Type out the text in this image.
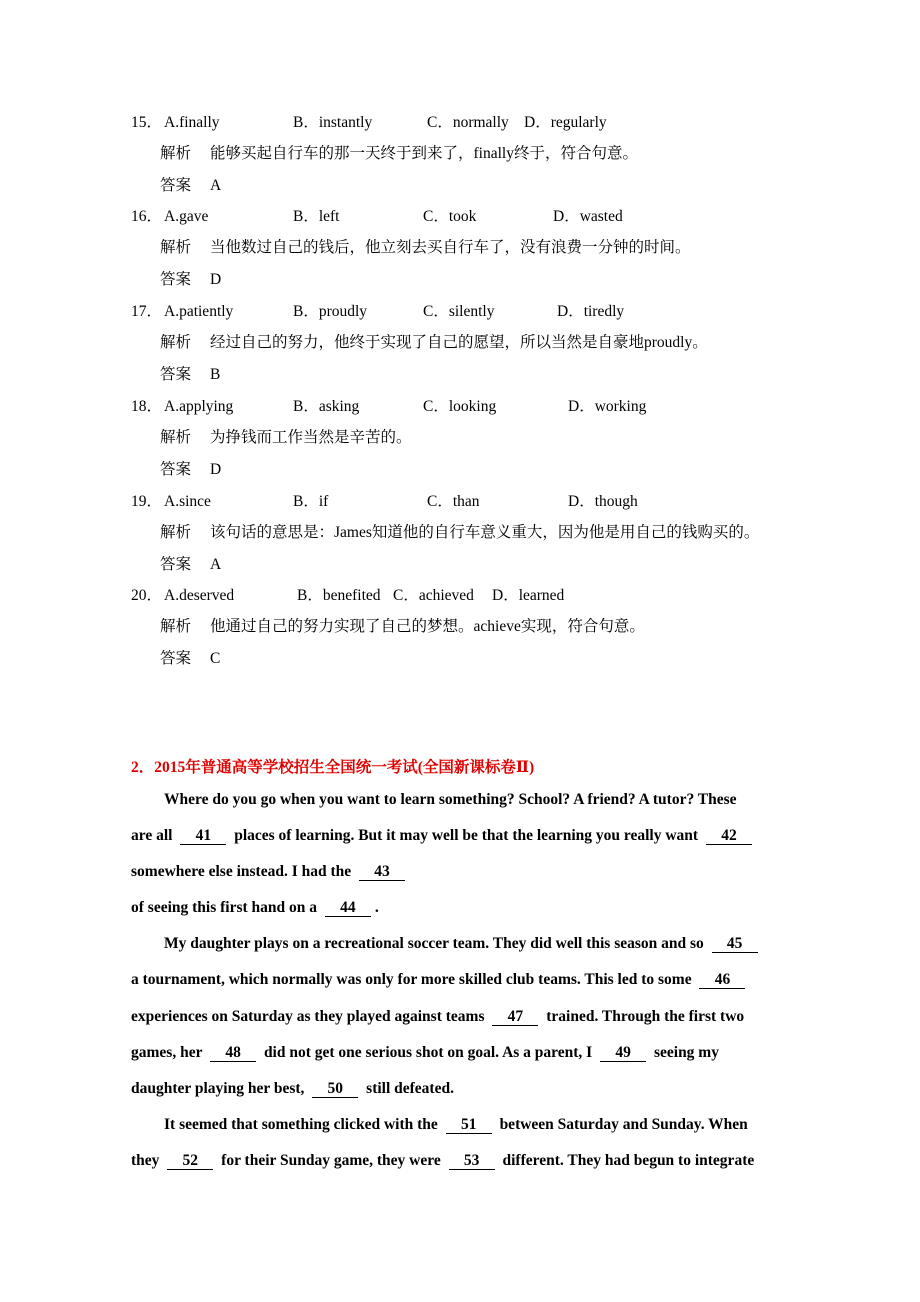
15． A.finally	B．instantly	C．normally D．regularly
解析 能够买起自行车的那一天终于到来了，finally终于，符合句意。
答案 A
16． A.gave	B．left	C．took	D．wasted
解析 当他数过自己的钱后，他立刻去买自行车了，没有浪费一分钟的时间。
答案 D
17． A.patiently	B．proudly	C．silently	D．tiredly
解析 经过自己的努力，他终于实现了自己的愿望，所以当然是自豪地proudly。
答案 B
18． A.applying	B．asking	C．looking	D．working
解析 为挣钱而工作当然是辛苦的。
答案 D
19． A.since	B．if	C．than	D．though
解析 该句话的意思是：James知道他的自行车意义重大，因为他是用自己的钱购买的。
答案 A
20． A.deserved	B．benefited C．achieved D．learned
解析 他通过自己的努力实现了自己的梦想。achieve实现，符合句意。
答案 C
2．2015年普通高等学校招生全国统一考试(全国新课标卷Ⅱ)
Where do you go when you want to learn something? School? A friend? A tutor? These
are all 41 places of learning. But it may well be that the learning you really want 42
somewhere else instead. I had the 43
of seeing this first hand on a 44 .
My daughter plays on a recreational soccer team. They did well this season and so 45
a tournament, which normally was only for more skilled club teams. This led to some 46
experiences on Saturday as they played against teams 47 trained. Through the first two
games, her 48 did not get one serious shot on goal. As a parent, I 49 seeing my
daughter playing her best, 50 still defeated.
It seemed that something clicked with the 51 between Saturday and Sunday. When
they 52 for their Sunday game, they were 53 different. They had begun to integrate
